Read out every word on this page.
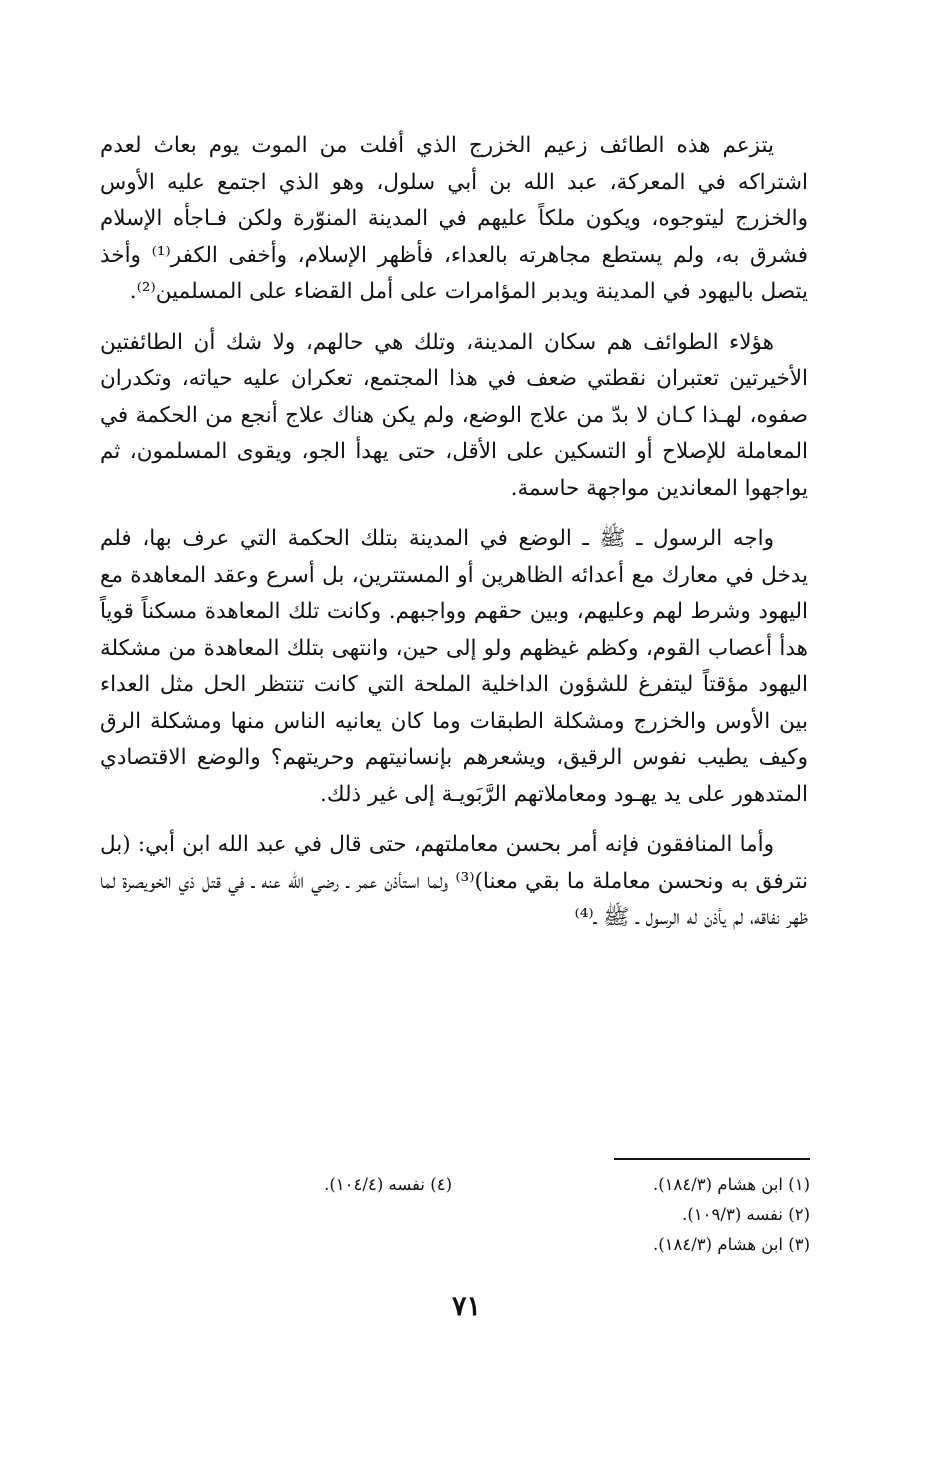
يتزعم هذه الطائف زعيم الخزرج الذي أفلت من الموت يوم بعاث لعدم اشتراكه في المعركة، عبد الله بن أبي سلول، وهو الذي اجتمع عليه الأوس والخزرج ليتوجوه، ويكون ملكاً عليهم في المدينة المنوّرة ولكن فـاجأه الإسلام فشرق به، ولم يستطع مجاهرته بالعداء، فأظهر الإسلام، وأخفى الكفر⁽¹⁾ وأخذ يتصل باليهود في المدينة ويدبر المؤامرات على أمل القضاء على المسلمين⁽²⁾.

هؤلاء الطوائف هم سكان المدينة، وتلك هي حالهم، ولا شك أن الطائفتين الأخيرتين تعتبران نقطتي ضعف في هذا المجتمع، تعكران عليه حياته، وتكدران صفوه، لهـذا كـان لا بدّ من علاج الوضع، ولم يكن هناك علاج أنجع من الحكمة في المعاملة للإصلاح أو التسكين على الأقل، حتى يهدأ الجو، ويقوى المسلمون، ثم يواجهوا المعاندين مواجهة حاسمة.

واجه الرسول ـ ﷺ ـ الوضع في المدينة بتلك الحكمة التي عرف بها، فلم يدخل في معارك مع أعدائه الظاهرين أو المستترين، بل أسرع وعقد المعاهدة مع اليهود وشرط لهم وعليهم، وبين حقهم وواجبهم. وكانت تلك المعاهدة مسكناً قوياً هدأ أعصاب القوم، وكظم غيظهم ولو إلى حين، وانتهى بتلك المعاهدة من مشكلة اليهود مؤقتاً ليتفرغ للشؤون الداخلية الملحة التي كانت تنتظر الحل مثل العداء بين الأوس والخزرج ومشكلة الطبقات وما كان يعانيه الناس منها ومشكلة الرق وكيف يطيب نفوس الرقيق، ويشعرهم بإنسانيتهم وحريتهم؟ والوضع الاقتصادي المتدهور على يد يهـود ومعاملاتهم الرَّبَويـة إلى غير ذلك.

وأما المنافقون فإنه أمر بحسن معاملتهم، حتى قال في عبد الله ابن أبي: (بل نترفق به ونحسن معاملة ما بقي معنا)⁽³⁾ ولما استأذن عمر ـ رضي الله عنه ـ في قتل ذي الخويصرة لما ظهر نفاقه، لم يأذن له الرسول ـ ﷺ ـ⁽⁴⁾

(١) ابن هشام (١٨٤/٣).
(٢) نفسه (١٠٩/٣).
(٣) ابن هشام (١٨٤/٣).
(٤) نفسه (١٠٤/٤).
٧١
